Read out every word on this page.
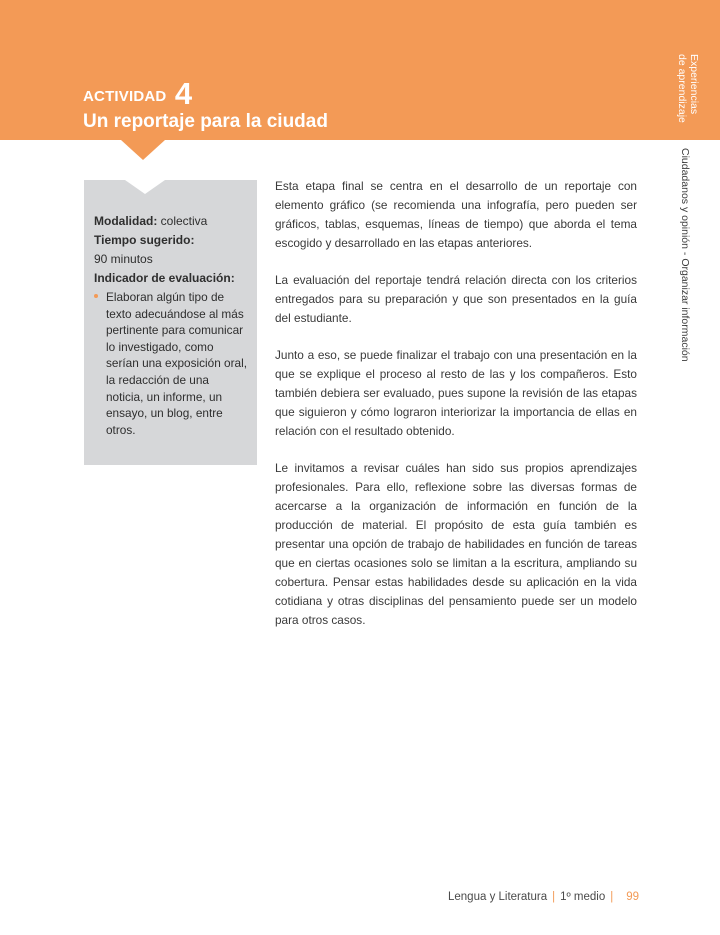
ACTIVIDAD 4
Un reportaje para la ciudad
Experiencias
de aprendizaje
Ciudadanos y opinión - Organizar información
Modalidad: colectiva
Tiempo sugerido:
90 minutos
Indicador de evaluación:
Elaboran algún tipo de texto adecuándose al más pertinente para comunicar lo investigado, como serían una exposición oral, la redacción de una noticia, un informe, un ensayo, un blog, entre otros.

Esta etapa final se centra en el desarrollo de un reportaje con elemento gráfico (se recomienda una infografía, pero pueden ser gráficos, tablas, esquemas, líneas de tiempo) que aborda el tema escogido y desarrollado en las etapas anteriores.

La evaluación del reportaje tendrá relación directa con los criterios entregados para su preparación y que son presentados en la guía del estudiante.

Junto a eso, se puede finalizar el trabajo con una presentación en la que se explique el proceso al resto de las y los compañeros. Esto también debiera ser evaluado, pues supone la revisión de las etapas que siguieron y cómo lograron interiorizar la importancia de ellas en relación con el resultado obtenido.

Le invitamos a revisar cuáles han sido sus propios aprendizajes profesionales. Para ello, reflexione sobre las diversas formas de acercarse a la organización de información en función de la producción de material. El propósito de esta guía también es presentar una opción de trabajo de habilidades en función de tareas que en ciertas ocasiones solo se limitan a la escritura, ampliando su cobertura. Pensar estas habilidades desde su aplicación en la vida cotidiana y otras disciplinas del pensamiento puede ser un modelo para otros casos.

Lengua y Literatura | 1º medio | 99
